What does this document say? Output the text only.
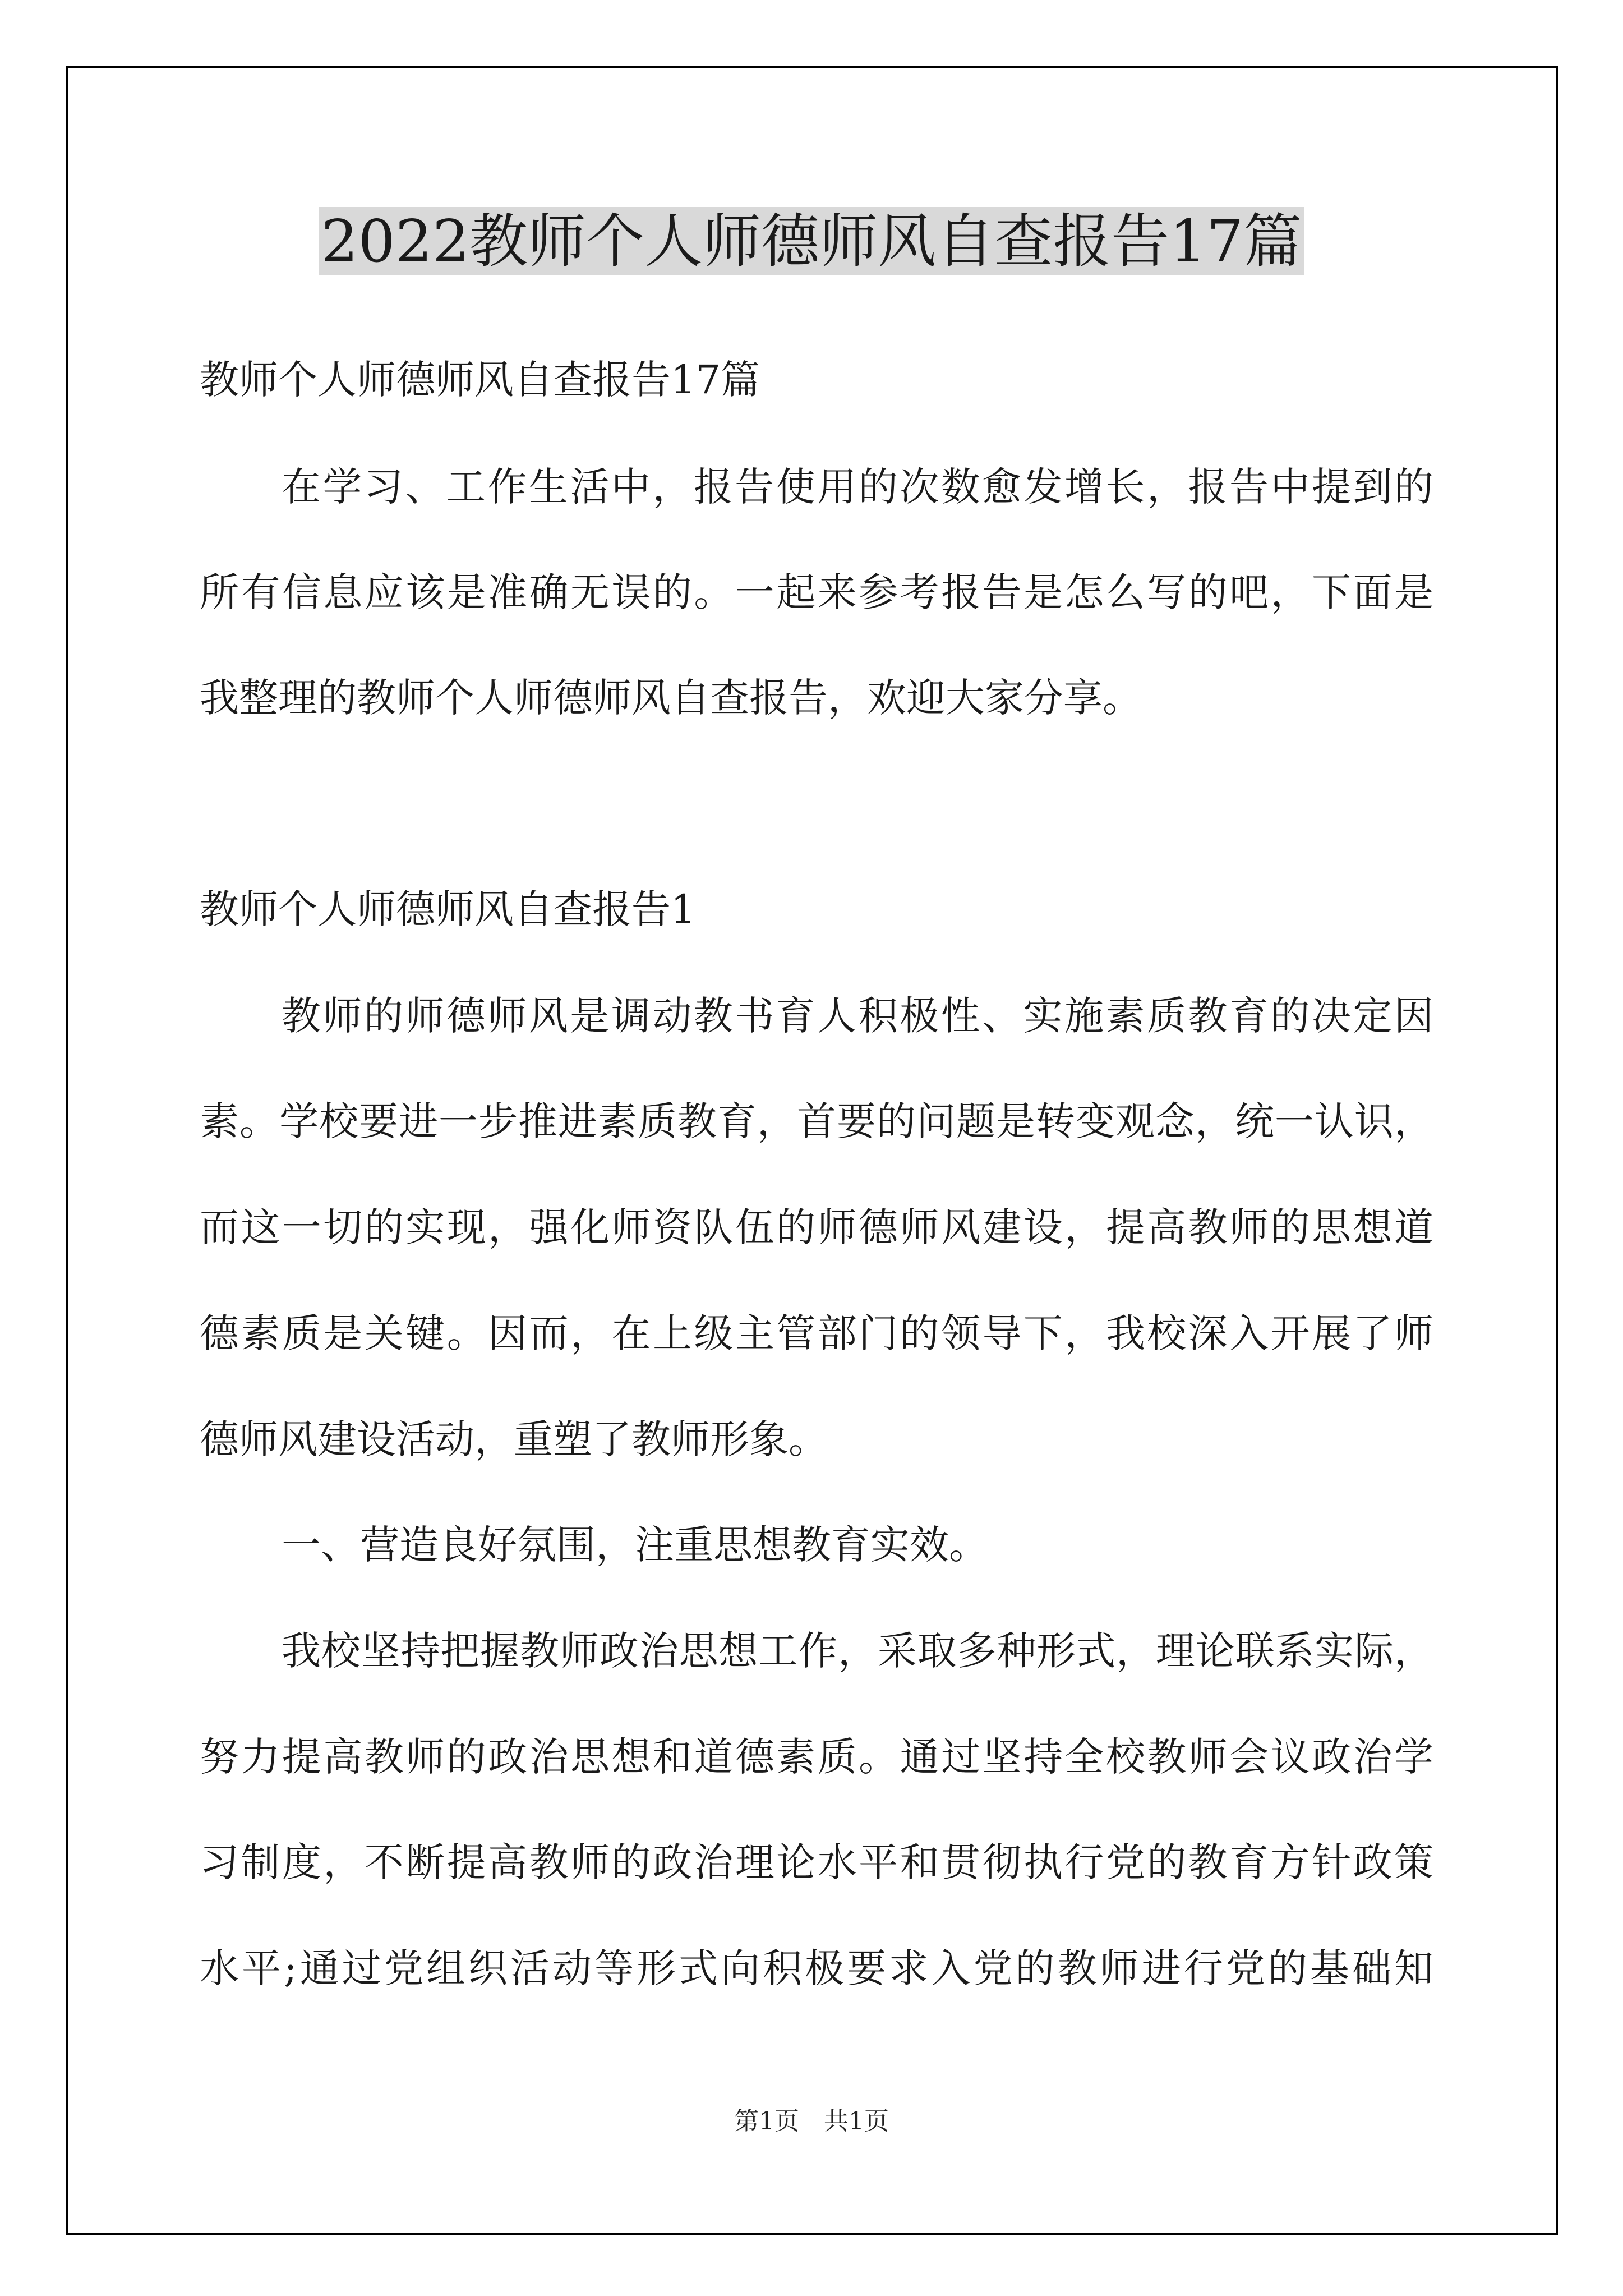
2022教师个人师德师风自查报告17篇
教师个人师德师风自查报告17篇
在学习、工作生活中，报告使用的次数愈发增长，报告中提到的
所有信息应该是准确无误的。一起来参考报告是怎么写的吧，下面是
我整理的教师个人师德师风自查报告，欢迎大家分享。
教师个人师德师风自查报告1
教师的师德师风是调动教书育人积极性、实施素质教育的决定因
素。学校要进一步推进素质教育，首要的问题是转变观念，统一认识，
而这一切的实现，强化师资队伍的师德师风建设，提高教师的思想道
德素质是关键。因而，在上级主管部门的领导下，我校深入开展了师
德师风建设活动，重塑了教师形象。
一、营造良好氛围，注重思想教育实效。
我校坚持把握教师政治思想工作，采取多种形式，理论联系实际，
努力提高教师的政治思想和道德素质。通过坚持全校教师会议政治学
习制度，不断提高教师的政治理论水平和贯彻执行党的教育方针政策
水平;通过党组织活动等形式向积极要求入党的教师进行党的基础知
第1页　共1页
